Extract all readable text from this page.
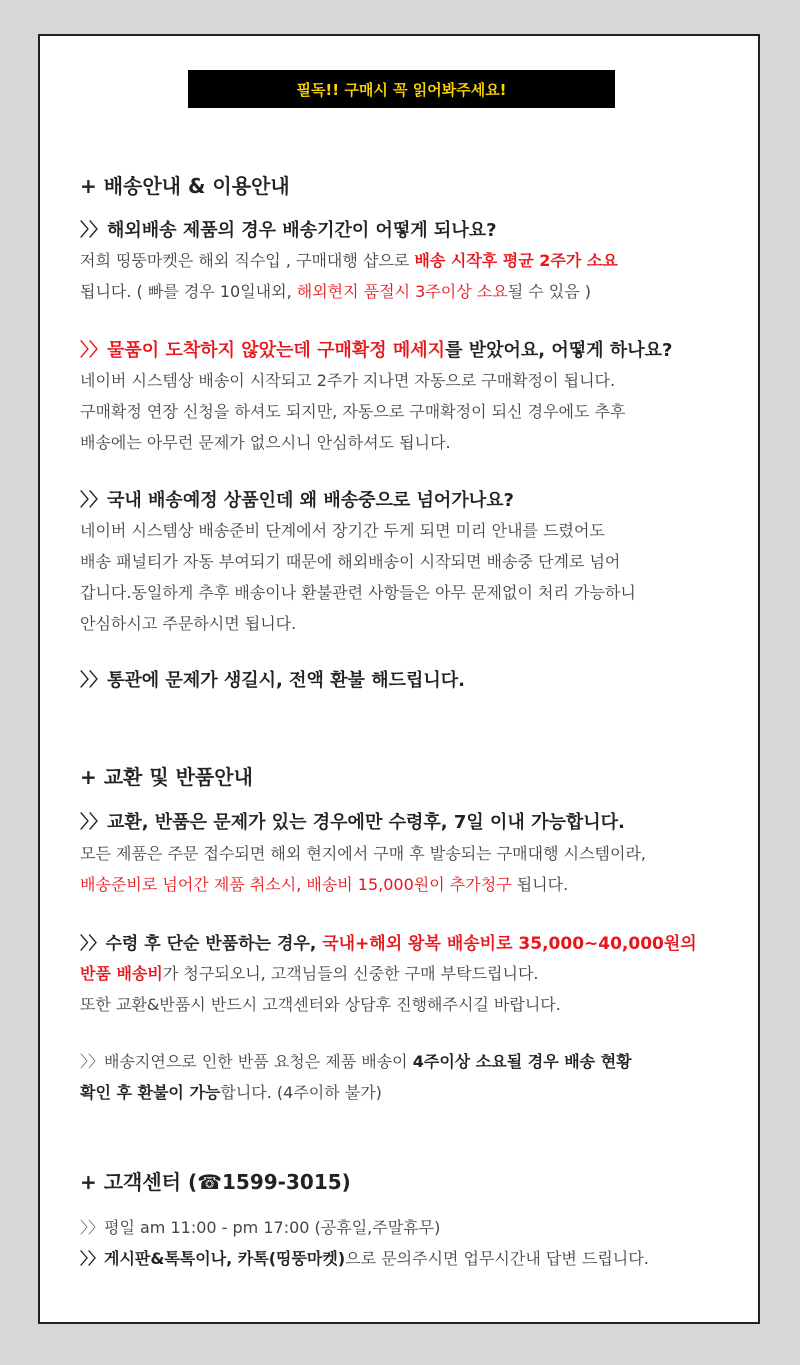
필독!! 구매시 꼭 읽어봐주세요!
+ 배송안내 & 이용안내
〉〉해외배송 제품의 경우 배송기간이 어떻게 되나요?
저희 띵뚱마켓은 해외 직수입 , 구매대행 샵으로 배송 시작후 평균 2주가 소요
됩니다. ( 빠를 경우 10일내외, 해외현지 품절시 3주이상 소요될 수 있음 )
〉〉물품이 도착하지 않았는데 구매확정 메세지를 받았어요, 어떻게 하나요?
네이버 시스템상 배송이 시작되고 2주가 지나면 자동으로 구매확정이 됩니다.
구매확정 연장 신청을 하셔도 되지만, 자동으로 구매확정이 되신 경우에도 추후
배송에는 아무런 문제가 없으시니 안심하셔도 됩니다.
〉〉국내 배송예정 상품인데 왜 배송중으로 넘어가나요?
네이버 시스템상 배송준비 단계에서 장기간 두게 되면 미리 안내를 드렸어도
배송 패널티가 자동 부여되기 때문에 해외배송이 시작되면 배송중 단계로 넘어
갑니다.동일하게 추후 배송이나 환불관련 사항들은 아무 문제없이 처리 가능하니
안심하시고 주문하시면 됩니다.
〉〉통관에 문제가 생길시, 전액 환불 해드립니다.
+ 교환 및 반품안내
〉〉교환, 반품은 문제가 있는 경우에만 수령후, 7일 이내 가능합니다.
모든 제품은 주문 접수되면 해외 현지에서 구매 후 발송되는 구매대행 시스템이라,
배송준비로 넘어간 제품 취소시, 배송비 15,000원이 추가청구 됩니다.
〉〉수령 후 단순 반품하는 경우, 국내+해외 왕복 배송비로 35,000~40,000원의
반품 배송비가 청구되오니, 고객님들의 신중한 구매 부탁드립니다.
또한 교환&반품시 반드시 고객센터와 상담후 진행해주시길 바랍니다.
〉〉배송지연으로 인한 반품 요청은 제품 배송이 4주이상 소요될 경우 배송 현황
확인 후 환불이 가능합니다. (4주이하 불가)
+ 고객센터 (☎1599-3015)
〉〉평일 am 11:00 - pm 17:00 (공휴일,주말휴무)
〉〉게시판&톡톡이나, 카톡(띵뚱마켓)으로 문의주시면 업무시간내 답변 드립니다.
